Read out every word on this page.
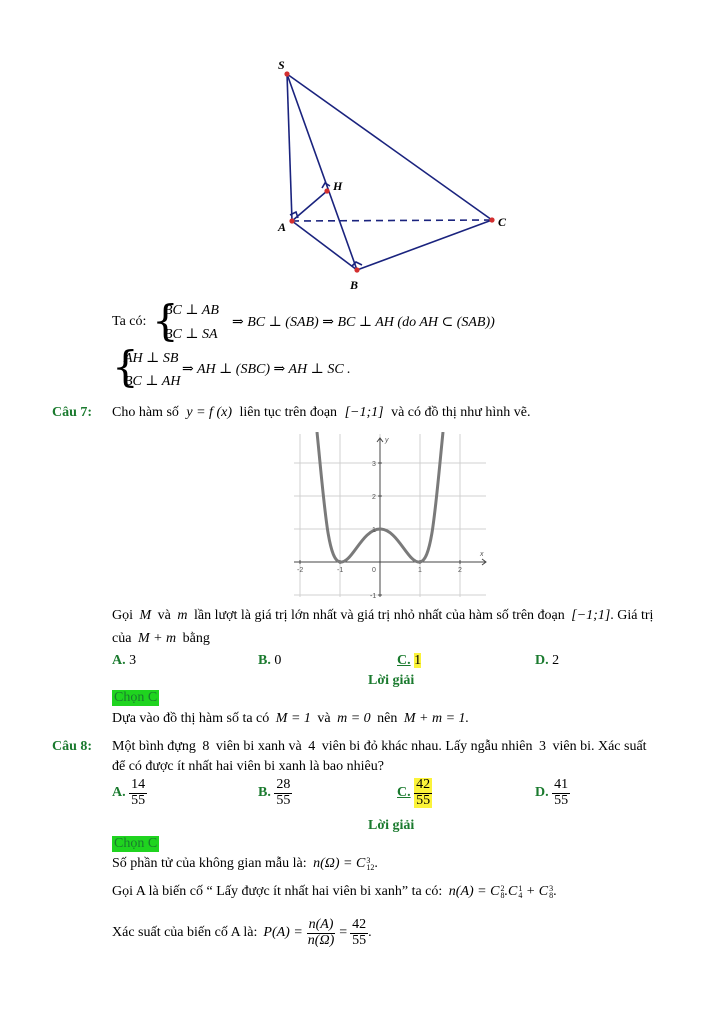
S
H
A
B
C
Ta có: {
BC ⊥ AB
BC ⊥ SA
⇒ BC ⊥ (SAB) ⇒ BC ⊥ AH (do AH ⊂ (SAB))
{
AH ⊥ SB
BC ⊥ AH
⇒ AH ⊥ (SBC) ⇒ AH ⊥ SC .
Câu 7: Cho hàm số y = f (x) liên tục trên đoạn [−1;1] và có đồ thị như hình vẽ.
y
x
-2	-1	0	1	2
1
2
3
-1
Gọi M và m lần lượt là giá trị lớn nhất và giá trị nhỏ nhất của hàm số trên đoạn [−1;1]. Giá trị
của M + m bằng
A. 3	B. 0	C. 1	D. 2
Lời giải
Chọn C
Dựa vào đồ thị hàm số ta có M = 1 và m = 0 nên M + m = 1.
Câu 8: Một bình đựng 8 viên bi xanh và 4 viên bi đỏ khác nhau. Lấy ngẫu nhiên 3 viên bi. Xác suất
để có được ít nhất hai viên bi xanh là bao nhiêu?
A. $\frac{14}{55}$	B. $\frac{28}{55}$	C. $\frac{42}{55}$	D. $\frac{41}{55}$
Lời giải
Chọn C
Số phần tử của không gian mẫu là: n(Ω) = C 3
12 .
Gọi A là biến cố “ Lấy được ít nhất hai viên bi xanh” ta có: n(A) = C 2
8 .C 1
4 + C 3
8 .
Xác suất của biến cố A là: $P(A) = \frac{n(A)}{n(\Omega)} = \frac{42}{55}$ .
